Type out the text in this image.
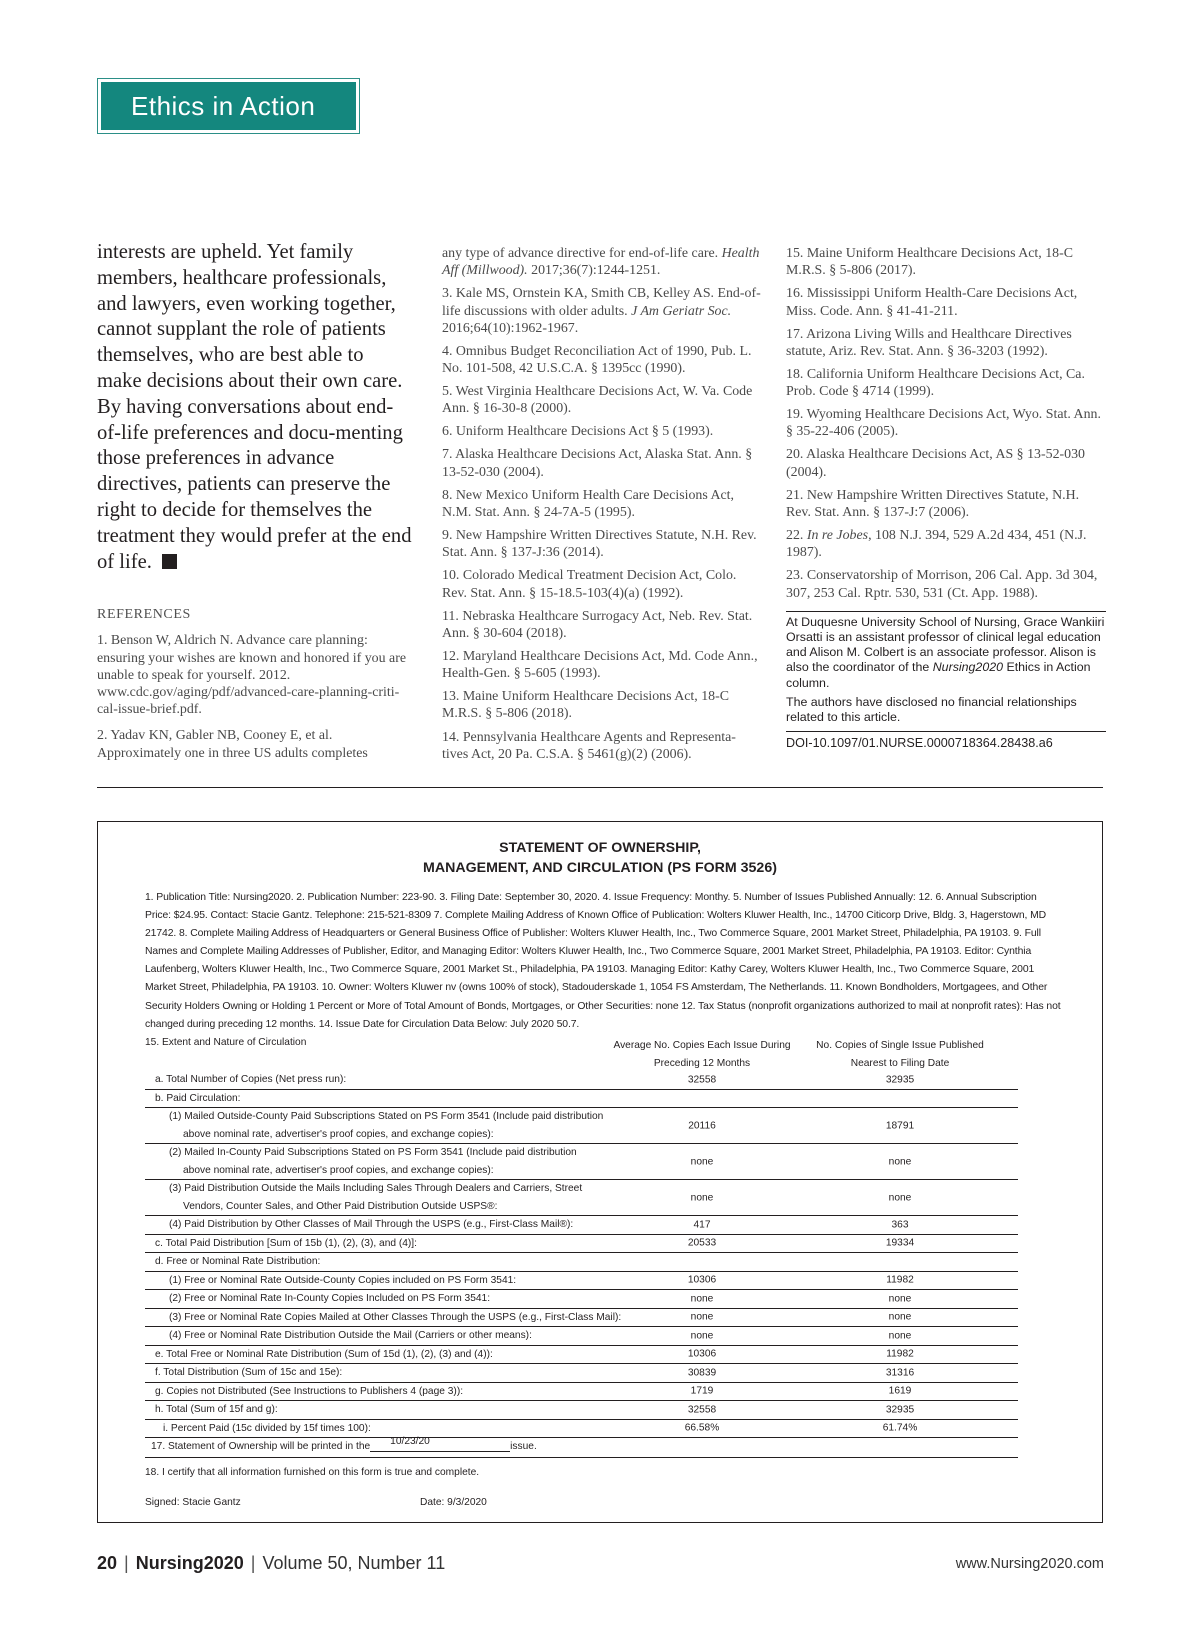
Ethics in Action

interests are upheld. Yet family members, healthcare professionals, and lawyers, even working together, cannot supplant the role of patients themselves, who are best able to make decisions about their own care. By having conversations about end-of-life preferences and docu-menting those preferences in advance directives, patients can preserve the right to decide for themselves the treatment they would prefer at the end of life.

REFERENCES

1. Benson W, Aldrich N. Advance care planning: ensuring your wishes are known and honored if you are unable to speak for yourself. 2012. www.cdc.gov/aging/pdf/advanced-care-planning-criti-cal-issue-brief.pdf.

2. Yadav KN, Gabler NB, Cooney E, et al. Approximately one in three US adults completes

any type of advance directive for end-of-life care. Health Aff (Millwood). 2017;36(7):1244-1251.

3. Kale MS, Ornstein KA, Smith CB, Kelley AS. End-of-life discussions with older adults. J Am Geriatr Soc. 2016;64(10):1962-1967.

4. Omnibus Budget Reconciliation Act of 1990, Pub. L. No. 101-508, 42 U.S.C.A. § 1395cc (1990).

5. West Virginia Healthcare Decisions Act, W. Va. Code Ann. § 16-30-8 (2000).

6. Uniform Healthcare Decisions Act § 5 (1993).

7. Alaska Healthcare Decisions Act, Alaska Stat. Ann. § 13-52-030 (2004).

8. New Mexico Uniform Health Care Decisions Act, N.M. Stat. Ann. § 24-7A-5 (1995).

9. New Hampshire Written Directives Statute, N.H. Rev. Stat. Ann. § 137-J:36 (2014).

10. Colorado Medical Treatment Decision Act, Colo. Rev. Stat. Ann. § 15-18.5-103(4)(a) (1992).

11. Nebraska Healthcare Surrogacy Act, Neb. Rev. Stat. Ann. § 30-604 (2018).

12. Maryland Healthcare Decisions Act, Md. Code Ann., Health-Gen. § 5-605 (1993).

13. Maine Uniform Healthcare Decisions Act, 18-C M.R.S. § 5-806 (2018).

14. Pennsylvania Healthcare Agents and Representa-tives Act, 20 Pa. C.S.A. § 5461(g)(2) (2006).

15. Maine Uniform Healthcare Decisions Act, 18-C M.R.S. § 5-806 (2017).

16. Mississippi Uniform Health-Care Decisions Act, Miss. Code. Ann. § 41-41-211.

17. Arizona Living Wills and Healthcare Directives statute, Ariz. Rev. Stat. Ann. § 36-3203 (1992).

18. California Uniform Healthcare Decisions Act, Ca. Prob. Code § 4714 (1999).

19. Wyoming Healthcare Decisions Act, Wyo. Stat. Ann. § 35-22-406 (2005).

20. Alaska Healthcare Decisions Act, AS § 13-52-030 (2004).

21. New Hampshire Written Directives Statute, N.H. Rev. Stat. Ann. § 137-J:7 (2006).

22. In re Jobes, 108 N.J. 394, 529 A.2d 434, 451 (N.J. 1987).

23. Conservatorship of Morrison, 206 Cal. App. 3d 304, 307, 253 Cal. Rptr. 530, 531 (Ct. App. 1988).

At Duquesne University School of Nursing, Grace Wankiiri Orsatti is an assistant professor of clinical legal education and Alison M. Colbert is an associate professor. Alison is also the coordinator of the Nursing2020 Ethics in Action column.

The authors have disclosed no financial relationships related to this article.

DOI-10.1097/01.NURSE.0000718364.28438.a6
STATEMENT OF OWNERSHIP,
MANAGEMENT, AND CIRCULATION (PS FORM 3526)

1. Publication Title: Nursing2020. 2. Publication Number: 223-90. 3. Filing Date: September 30, 2020. 4. Issue Frequency: Monthy. 5. Number of Issues Published Annually: 12. 6. Annual Subscription Price: $24.95. Contact: Stacie Gantz. Telephone: 215-521-8309 7. Complete Mailing Address of Known Office of Publication: Wolters Kluwer Health, Inc., 14700 Citicorp Drive, Bldg. 3, Hagerstown, MD 21742. 8. Complete Mailing Address of Headquarters or General Business Office of Publisher: Wolters Kluwer Health, Inc., Two Commerce Square, 2001 Market Street, Philadelphia, PA 19103. 9. Full Names and Complete Mailing Addresses of Publisher, Editor, and Managing Editor: Wolters Kluwer Health, Inc., Two Commerce Square, 2001 Market Street, Philadelphia, PA 19103. Editor: Cynthia Laufenberg, Wolters Kluwer Health, Inc., Two Commerce Square, 2001 Market St., Philadelphia, PA 19103. Managing Editor: Kathy Carey, Wolters Kluwer Health, Inc., Two Commerce Square, 2001 Market Street, Philadelphia, PA 19103. 10. Owner: Wolters Kluwer nv (owns 100% of stock), Stadouderskade 1, 1054 FS Amsterdam, The Netherlands. 11. Known Bondholders, Mortgagees, and Other Security Holders Owning or Holding 1 Percent or More of Total Amount of Bonds, Mortgages, or Other Securities: none 12. Tax Status (nonprofit organizations authorized to mail at nonprofit rates): Has not changed during preceding 12 months. 14. Issue Date for Circulation Data Below: July 2020 50.7.

15. Extent and Nature of Circulation	Average No. Copies Each Issue During
Preceding 12 Months
No. Copies of Single Issue Published
Nearest to Filing Date
a. Total Number of Copies (Net press run):	32558	32935
b. Paid Circulation:
(1) Mailed Outside-County Paid Subscriptions Stated on PS Form 3541 (Include paid distribution
above nominal rate, advertiser's proof copies, and exchange copies):
20116	18791
(2) Mailed In-County Paid Subscriptions Stated on PS Form 3541 (Include paid distribution
above nominal rate, advertiser's proof copies, and exchange copies):
none	none
(3) Paid Distribution Outside the Mails Including Sales Through Dealers and Carriers, Street
Vendors, Counter Sales, and Other Paid Distribution Outside USPS®:
none	none
(4) Paid Distribution by Other Classes of Mail Through the USPS (e.g., First-Class Mail®):	417	363
c. Total Paid Distribution [Sum of 15b (1), (2), (3), and (4)]:	20533	19334
d. Free or Nominal Rate Distribution:
(1) Free or Nominal Rate Outside-County Copies included on PS Form 3541:	10306	11982
(2) Free or Nominal Rate In-County Copies Included on PS Form 3541:	none	none
(3) Free or Nominal Rate Copies Mailed at Other Classes Through the USPS (e.g., First-Class Mail):	none	none
(4) Free or Nominal Rate Distribution Outside the Mail (Carriers or other means):	none	none
e. Total Free or Nominal Rate Distribution (Sum of 15d (1), (2), (3) and (4)):	10306	11982
f. Total Distribution (Sum of 15c and 15e):	30839	31316
g. Copies not Distributed (See Instructions to Publishers 4 (page 3)):	1719	1619
h. Total (Sum of 15f and g):	32558	32935
i. Percent Paid (15c divided by 15f times 100):	66.58%	61.74%
17. Statement of Ownership will be printed in the 10/23/20	issue.
18. I certify that all information furnished on this form is true and complete.
Signed: Stacie Gantz	Date: 9/3/2020
20 | Nursing2020 | Volume 50, Number 11	www.Nursing2020.com
